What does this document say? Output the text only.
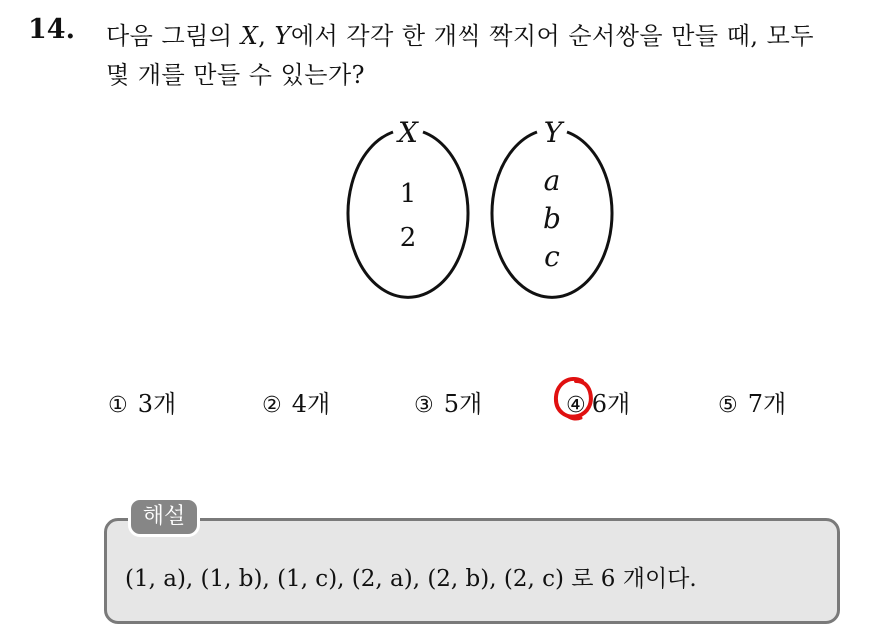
14. 다음 그림의 X, Y에서 각각 한 개씩 짝지어 순서쌍을 만들 때, 모두
몇 개를 만들 수 있는가?
X
1
2
Y
a
b
c
① 3개	② 4개	③ 5개	④ 6개	⑤ 7개
해설
(1, a), (1, b), (1, c), (2, a), (2, b), (2, c) 로 6 개이다.
